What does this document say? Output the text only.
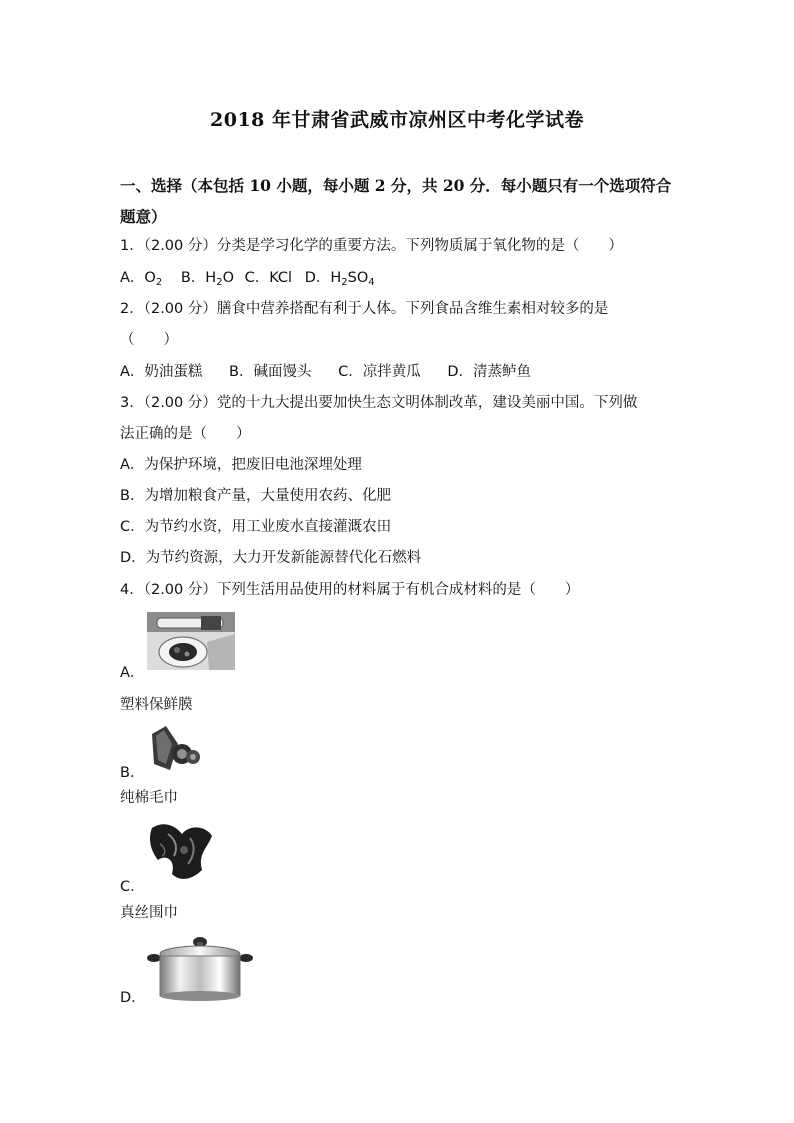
2018 年甘肃省武威市凉州区中考化学试卷
一、选择（本包括 10 小题，每小题 2 分，共 20 分．每小题只有一个选项符合题意）
1．（2.00 分）分类是学习化学的重要方法。下列物质属于氧化物的是（　　）
A．$O_2$ B．$H_2O$ C．KCl D．$H_2SO_4$
2．（2.00 分）膳食中营养搭配有利于人体。下列食品含维生素相对较多的是
（　　）
A．奶油蛋糕 B．碱面馒头 C．凉拌黄瓜 D．清蒸鲈鱼
3．（2.00 分）党的十九大提出要加快生态文明体制改革，建设美丽中国。下列做
法正确的是（　　）
A．为保护环境，把废旧电池深埋处理
B．为增加粮食产量，大量使用农药、化肥
C．为节约水资，用工业废水直接灌溉农田
D．为节约资源，大力开发新能源替代化石燃料
4．（2.00 分）下列生活用品使用的材料属于有机合成材料的是（　　）
A．
塑料保鲜膜
B．
纯棉毛巾
C．
真丝围巾
D．
